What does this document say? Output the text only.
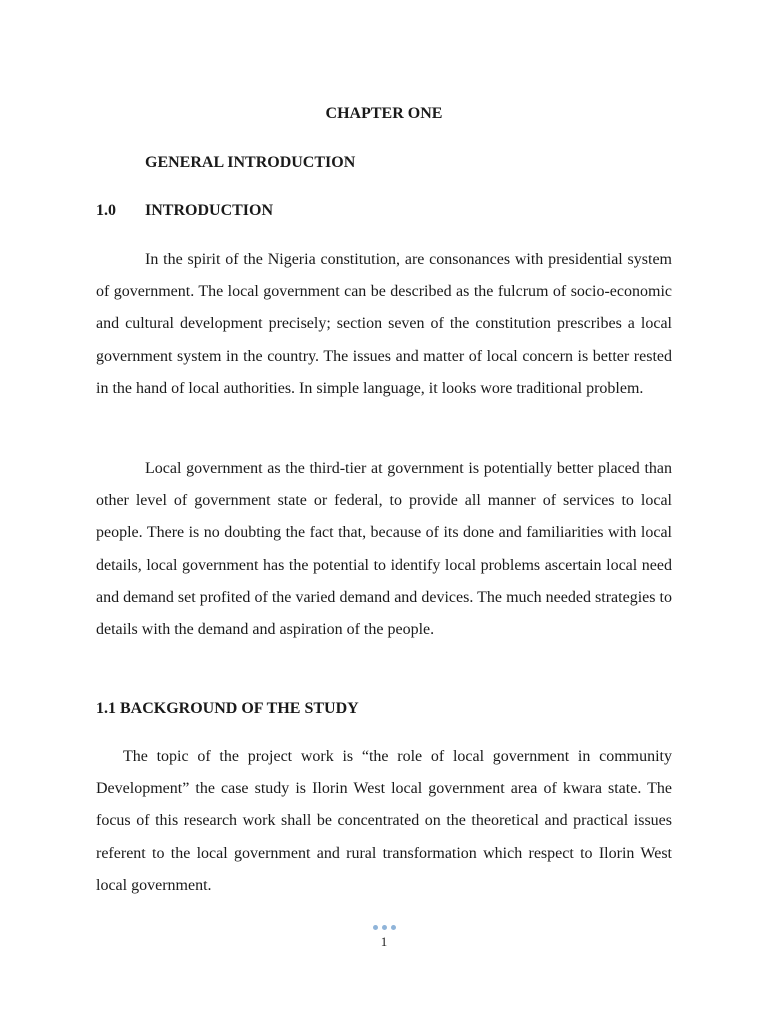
CHAPTER ONE
GENERAL INTRODUCTION
1.0 INTRODUCTION

In the spirit of the Nigeria constitution, are consonances with presidential system of government. The local government can be described as the fulcrum of socio-economic and cultural development precisely; section seven of the constitution prescribes a local government system in the country. The issues and matter of local concern is better rested in the hand of local authorities. In simple language, it looks wore traditional problem.

Local government as the third-tier at government is potentially better placed than other level of government state or federal, to provide all manner of services to local people. There is no doubting the fact that, because of its done and familiarities with local details, local government has the potential to identify local problems ascertain local need and demand set profited of the varied demand and devices. The much needed strategies to details with the demand and aspiration of the people.

1.1 BACKGROUND OF THE STUDY

The topic of the project work is “the role of local government in community Development” the case study is Ilorin West local government area of kwara state. The focus of this research work shall be concentrated on the theoretical and practical issues referent to the local government and rural transformation which respect to Ilorin West local government.

1
